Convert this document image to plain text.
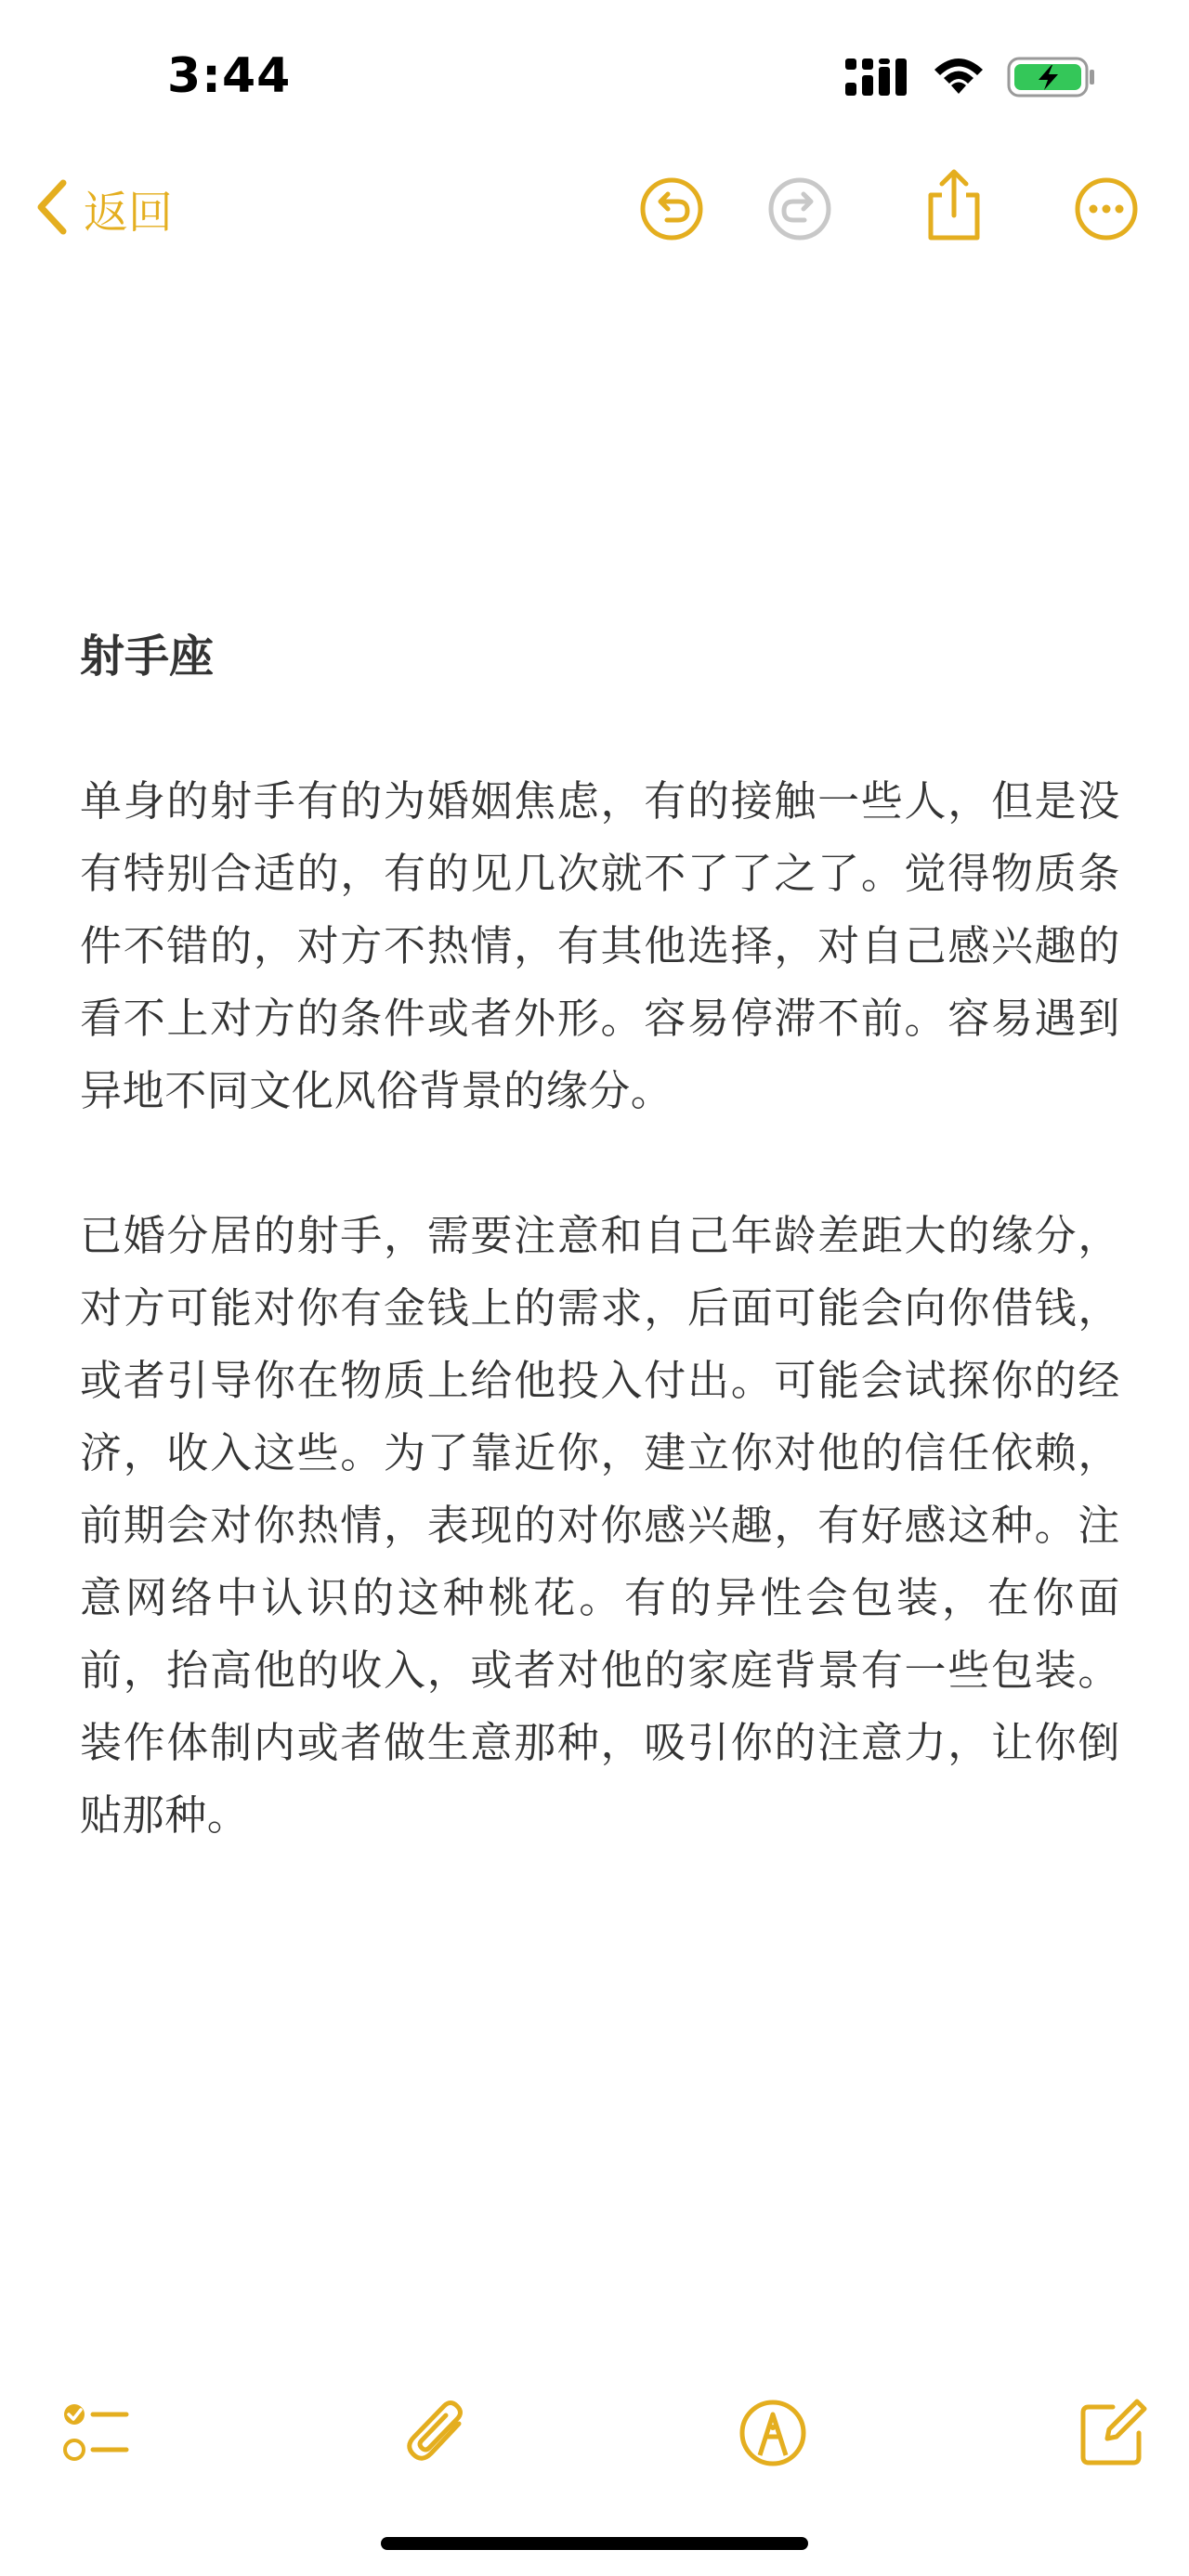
3:44
返回
射手座

单身的射手有的为婚姻焦虑，有的接触一些人，但是没有特别合适的，有的见几次就不了了之了。觉得物质条件不错的，对方不热情，有其他选择，对自己感兴趣的看不上对方的条件或者外形。容易停滞不前。容易遇到异地不同文化风俗背景的缘分。

已婚分居的射手，需要注意和自己年龄差距大的缘分，对方可能对你有金钱上的需求，后面可能会向你借钱，或者引导你在物质上给他投入付出。可能会试探你的经济，收入这些。为了靠近你，建立你对他的信任依赖，前期会对你热情，表现的对你感兴趣，有好感这种。注意网络中认识的这种桃花。有的异性会包装，在你面前，抬高他的收入，或者对他的家庭背景有一些包装。装作体制内或者做生意那种，吸引你的注意力，让你倒贴那种。
